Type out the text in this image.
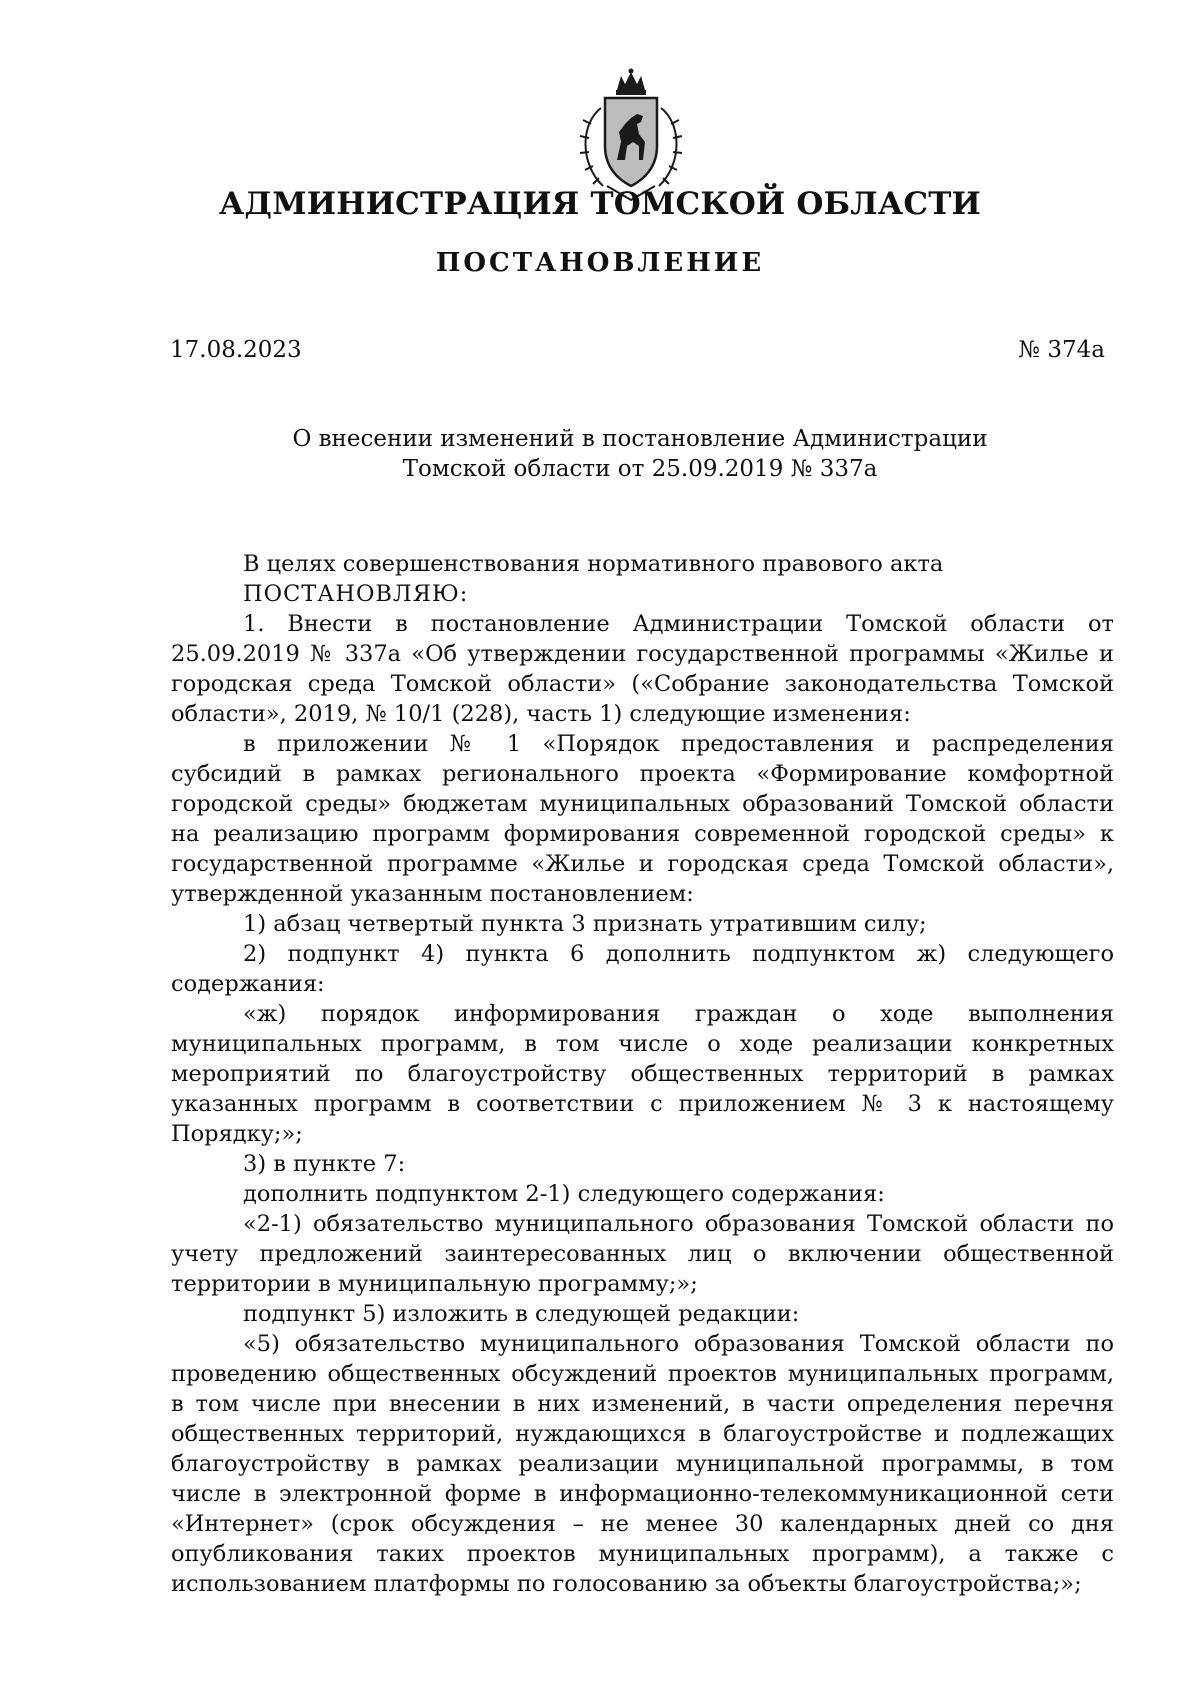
АДМИНИСТРАЦИЯ ТОМСКОЙ ОБЛАСТИ
ПОСТАНОВЛЕНИЕ
17.08.2023	№ 374а
О внесении изменений в постановление Администрации
Томской области от 25.09.2019 № 337а

В целях совершенствования нормативного правового акта

ПОСТАНОВЛЯЮ:

1. Внести в постановление Администрации Томской области от 25.09.2019 № 337а «Об утверждении государственной программы «Жилье и городская среда Томской области» («Собрание законодательства Томской области», 2019, № 10/1 (228), часть 1) следующие изменения:

в приложении № 1 «Порядок предоставления и распределения субсидий в рамках регионального проекта «Формирование комфортной городской среды» бюджетам муниципальных образований Томской области на реализацию программ формирования современной городской среды» к государственной программе «Жилье и городская среда Томской области», утвержденной указанным постановлением:

1) абзац четвертый пункта 3 признать утратившим силу;

2) подпункт 4) пункта 6 дополнить подпунктом ж) следующего содержания:

«ж) порядок информирования граждан о ходе выполнения муниципальных программ, в том числе о ходе реализации конкретных мероприятий по благоустройству общественных территорий в рамках указанных программ в соответствии с приложением № 3 к настоящему Порядку;»;

3) в пункте 7:

дополнить подпунктом 2-1) следующего содержания:

«2-1) обязательство муниципального образования Томской области по учету предложений заинтересованных лиц о включении общественной территории в муниципальную программу;»;

подпункт 5) изложить в следующей редакции:

«5) обязательство муниципального образования Томской области по проведению общественных обсуждений проектов муниципальных программ, в том числе при внесении в них изменений, в части определения перечня общественных территорий, нуждающихся в благоустройстве и подлежащих благоустройству в рамках реализации муниципальной программы, в том числе в электронной форме в информационно-телекоммуникационной сети «Интернет» (срок обсуждения – не менее 30 календарных дней со дня опубликования таких проектов муниципальных программ), а также с использованием платформы по голосованию за объекты благоустройства;»;
